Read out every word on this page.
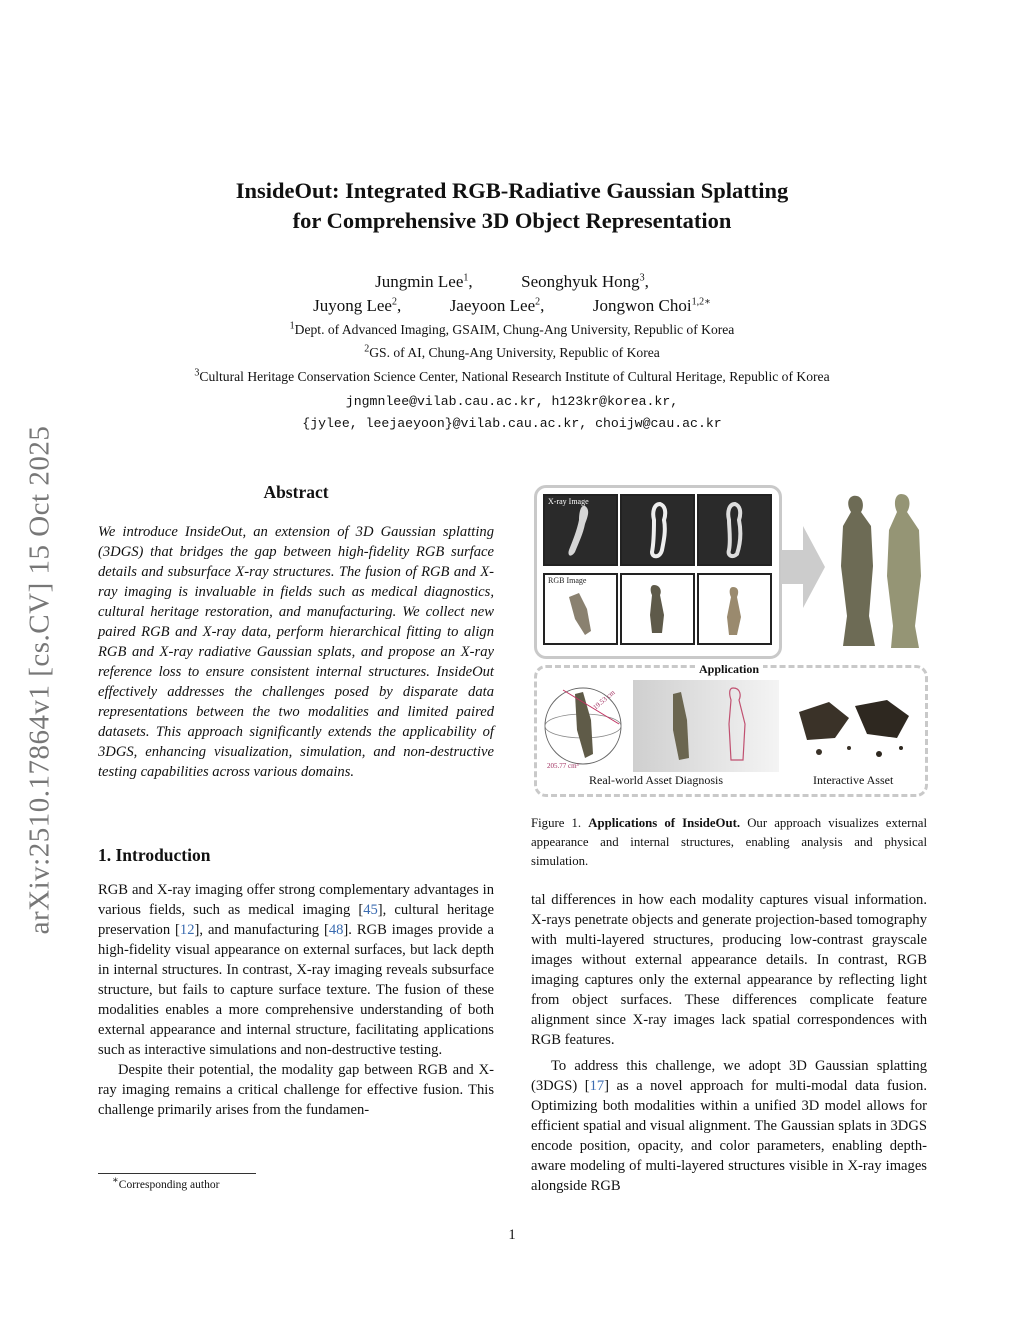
arXiv:2510.17864v1 [cs.CV] 15 Oct 2025
InsideOut: Integrated RGB-Radiative Gaussian Splatting
for Comprehensive 3D Object Representation
Jungmin Lee$^1$,	Seonghyuk Hong$^3$,
Juyong Lee$^2$,	Jaeyoon Lee$^2$,	Jongwon Choi$^{1,2∗}$
$^1$Dept. of Advanced Imaging, GSAIM, Chung-Ang University, Republic of Korea
$^2$GS. of AI, Chung-Ang University, Republic of Korea
$^3$Cultural Heritage Conservation Science Center, National Research Institute of Cultural Heritage, Republic of Korea
jngmnlee@vilab.cau.ac.kr, h123kr@korea.kr,
{jylee, leejaeyoon}@vilab.cau.ac.kr, choijw@cau.ac.kr
Abstract
We introduce InsideOut, an extension of 3D Gaussian splatting (3DGS) that bridges the gap between high-fidelity RGB surface details and subsurface X-ray structures. The fusion of RGB and X-ray imaging is invaluable in fields such as medical diagnostics, cultural heritage restoration, and manufacturing. We collect new paired RGB and X-ray data, perform hierarchical fitting to align RGB and X-ray radiative Gaussian splats, and propose an X-ray reference loss to ensure consistent internal structures. InsideOut effectively addresses the challenges posed by disparate data representations between the two modalities and limited paired datasets. This approach significantly extends the applicability of 3DGS, enhancing visualization, simulation, and non-destructive testing capabilities across various domains.
1. Introduction

RGB and X-ray imaging offer strong complementary advantages in various fields, such as medical imaging [45], cultural heritage preservation [12], and manufacturing [48]. RGB images provide a high-fidelity visual appearance on external surfaces, but lack depth in internal structures. In contrast, X-ray imaging reveals subsurface structure, but fails to capture surface texture. The fusion of these modalities enables a more comprehensive understanding of both external appearance and internal structure, facilitating applications such as interactive simulations and non-destructive testing.

Despite their potential, the modality gap between RGB and X-ray imaging remains a critical challenge for effective fusion. This challenge primarily arises from the fundamen-

∗Corresponding author
X-ray Image
RGB Image
Application
19.53 cm
205.77 cm³
Real-world Asset Diagnosis	Interactive Asset
Figure 1. Applications of InsideOut. Our approach visualizes external appearance and internal structures, enabling analysis and physical simulation.

tal differences in how each modality captures visual information. X-rays penetrate objects and generate projection-based tomography with multi-layered structures, producing low-contrast grayscale images without external appearance details. In contrast, RGB imaging captures only the external appearance by reflecting light from object surfaces. These differences complicate feature alignment since X-ray images lack spatial correspondences with RGB features.

To address this challenge, we adopt 3D Gaussian splatting (3DGS) [17] as a novel approach for multi-modal data fusion. Optimizing both modalities within a unified 3D model allows for efficient spatial and visual alignment. The Gaussian splats in 3DGS encode position, opacity, and color parameters, enabling depth-aware modeling of multi-layered structures visible in X-ray images alongside RGB

1
